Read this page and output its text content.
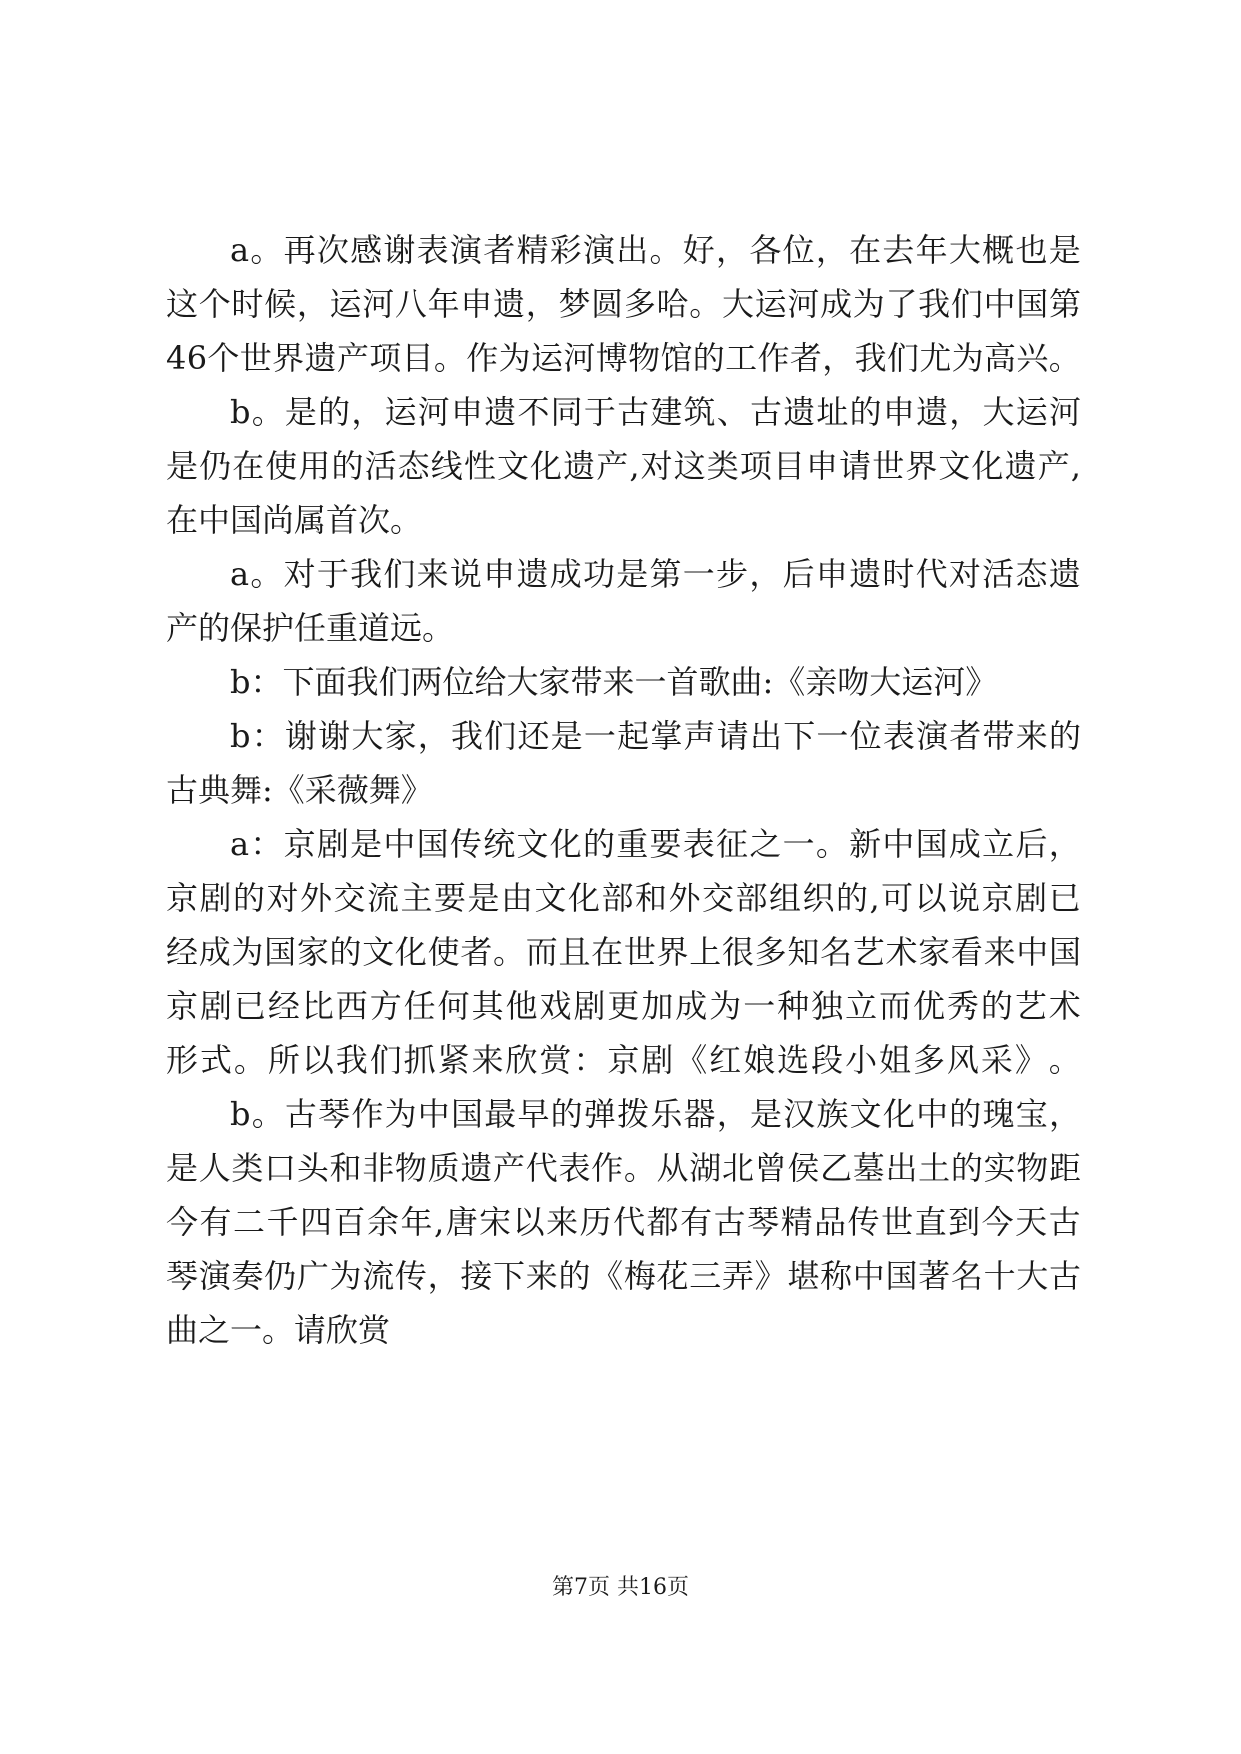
a 。 再 次 感 谢 表 演 者 精 彩 演 出 。 好 ， 各 位 ， 在 去 年 大 概 也 是
这 个 时 候 ， 运 河 八 年 申 遗 ， 梦 圆 多 哈 。 大 运 河 成 为 了 我 们 中 国 第
4 6 个 世 界 遗 产 项 目 。 作 为 运 河 博 物 馆 的 工 作 者 ， 我 们 尤 为 高 兴 。
b 。 是 的 ， 运 河 申 遗 不 同 于 古 建 筑 、 古 遗 址 的 申 遗 ， 大 运 河
是 仍 在 使 用 的 活 态 线 性 文 化 遗 产 , 对 这 类 项 目 申 请 世 界 文 化 遗 产 ,
在中国尚属首次。
a 。 对 于 我 们 来 说 申 遗 成 功 是 第 一 步 ， 后 申 遗 时 代 对 活 态 遗
产的保护任重道远。
b：下面我们两位给大家带来一首歌曲:《亲吻大运河》
b ： 谢 谢 大 家 ， 我 们 还 是 一 起 掌 声 请 出 下 一 位 表 演 者 带 来 的
古典舞:《采薇舞》
a ： 京 剧 是 中 国 传 统 文 化 的 重 要 表 征 之 一 。 新 中 国 成 立 后 ，
京 剧 的 对 外 交 流 主 要 是 由 文 化 部 和 外 交 部 组 织 的 , 可 以 说 京 剧 已
经 成 为 国 家 的 文 化 使 者 。 而 且 在 世 界 上 很 多 知 名 艺 术 家 看 来 中 国
京 剧 已 经 比 西 方 任 何 其 他 戏 剧 更 加 成 为 一 种 独 立 而 优 秀 的 艺 术
形 式 。 所 以 我 们 抓 紧 来 欣 赏 ： 京 剧 《 红 娘 选 段 小 姐 多 风 采 》 。
b 。 古 琴 作 为 中 国 最 早 的 弹 拨 乐 器 ， 是 汉 族 文 化 中 的 瑰 宝 ，
是 人 类 口 头 和 非 物 质 遗 产 代 表 作 。 从 湖 北 曾 侯 乙 墓 出 土 的 实 物 距
今 有 二 千 四 百 余 年 , 唐 宋 以 来 历 代 都 有 古 琴 精 品 传 世 直 到 今 天 古
琴 演 奏 仍 广 为 流 传 ， 接 下 来 的 《 梅 花 三 弄 》 堪 称 中 国 著 名 十 大 古
曲之一。请欣赏
第7页 共16页
